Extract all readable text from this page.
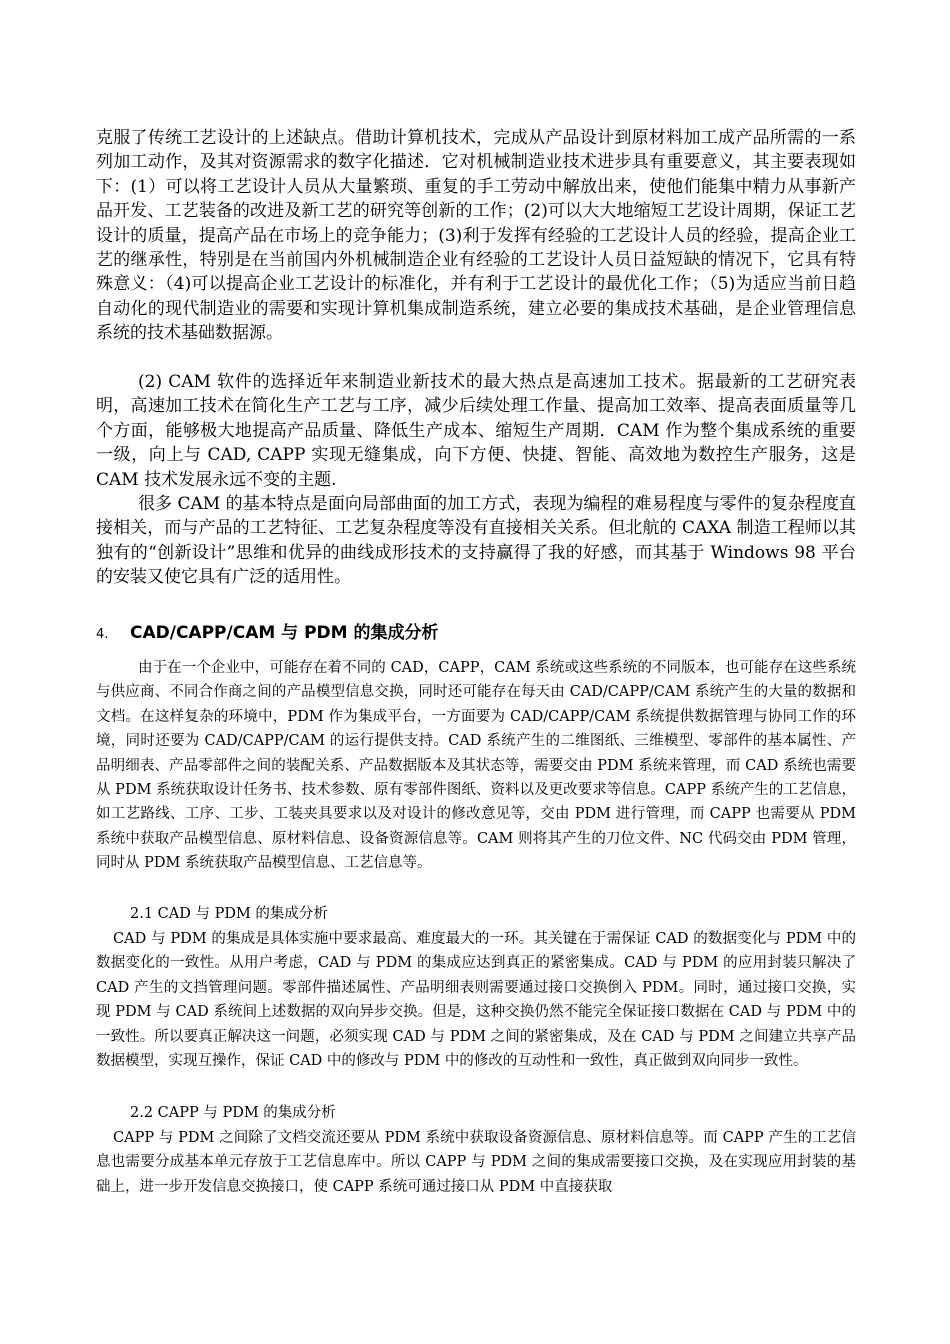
克服了传统工艺设计的上述缺点。借助计算机技术，完成从产品设计到原材料加工成产品所需的一系列加工动作，及其对资源需求的数字化描述．它对机械制造业技术进步具有重要意义，其主要表现如下：(1）可以将工艺设计人员从大量繁琐、重复的手工劳动中解放出来，使他们能集中精力从事新产品开发、工艺装备的改进及新工艺的研究等创新的工作；(2)可以大大地缩短工艺设计周期，保证工艺设计的质量，提高产品在市场上的竞争能力；(3)利于发挥有经验的工艺设计人员的经验，提高企业工艺的继承性，特别是在当前国内外机械制造企业有经验的工艺设计人员日益短缺的情况下，它具有特殊意义：（4)可以提高企业工艺设计的标准化，并有利于工艺设计的最优化工作；（5)为适应当前日趋自动化的现代制造业的需要和实现计算机集成制造系统，建立必要的集成技术基础，是企业管理信息系统的技术基础数据源。

(2) CAM 软件的选择近年来制造业新技术的最大热点是高速加工技术。据最新的工艺研究表明，高速加工技术在简化生产工艺与工序，减少后续处理工作量、提高加工效率、提高表面质量等几个方面，能够极大地提高产品质量、降低生产成本、缩短生产周期．CAM 作为整个集成系统的重要一级，向上与 CAD, CAPP 实现无缝集成，向下方便、快捷、智能、高效地为数控生产服务，这是 CAM 技术发展永远不变的主题.

很多 CAM 的基本特点是面向局部曲面的加工方式，表现为编程的难易程度与零件的复杂程度直接相关，而与产品的工艺特征、工艺复杂程度等没有直接相关关系。但北航的 CAXA 制造工程师以其独有的“创新设计”思维和优异的曲线成形技术的支持赢得了我的好感，而其基于 Windows 98 平台的安装又使它具有广泛的适用性。

4. CAD/CAPP/CAM 与 PDM 的集成分析

由于在一个企业中，可能存在着不同的 CAD，CAPP，CAM 系统或这些系统的不同版本，也可能存在这些系统与供应商、不同合作商之间的产品模型信息交换，同时还可能存在每天由 CAD/CAPP/CAM 系统产生的大量的数据和文档。在这样复杂的环境中，PDM 作为集成平台，一方面要为 CAD/CAPP/CAM 系统提供数据管理与协同工作的环境，同时还要为 CAD/CAPP/CAM 的运行提供支持。CAD 系统产生的二维图纸、三维模型、零部件的基本属性、产品明细表、产品零部件之间的装配关系、产品数据版本及其状态等，需要交由 PDM 系统来管理，而 CAD 系统也需要从 PDM 系统获取设计任务书、技术参数、原有零部件图纸、资料以及更改要求等信息。CAPP 系统产生的工艺信息，如工艺路线、工序、工步、工装夹具要求以及对设计的修改意见等，交由 PDM 进行管理，而 CAPP 也需要从 PDM 系统中获取产品模型信息、原材料信息、设备资源信息等。CAM 则将其产生的刀位文件、NC 代码交由 PDM 管理，同时从 PDM 系统获取产品模型信息、工艺信息等。

2.1 CAD 与 PDM 的集成分析

CAD 与 PDM 的集成是具体实施中要求最高、难度最大的一环。其关键在于需保证 CAD 的数据变化与 PDM 中的数据变化的一致性。从用户考虑，CAD 与 PDM 的集成应达到真正的紧密集成。CAD 与 PDM 的应用封装只解决了 CAD 产生的文挡管理问题。零部件描述属性、产品明细表则需要通过接口交换倒入 PDM。同时，通过接口交换，实现 PDM 与 CAD 系统间上述数据的双向异步交换。但是，这种交换仍然不能完全保证接口数据在 CAD 与 PDM 中的一致性。所以要真正解决这一问题，必须实现 CAD 与 PDM 之间的紧密集成，及在 CAD 与 PDM 之间建立共享产品数据模型，实现互操作，保证 CAD 中的修改与 PDM 中的修改的互动性和一致性，真正做到双向同步一致性。

2.2 CAPP 与 PDM 的集成分析

CAPP 与 PDM 之间除了文档交流还要从 PDM 系统中获取设备资源信息、原材料信息等。而 CAPP 产生的工艺信息也需要分成基本单元存放于工艺信息库中。所以 CAPP 与 PDM 之间的集成需要接口交换，及在实现应用封装的基础上，进一步开发信息交换接口，使 CAPP 系统可通过接口从 PDM 中直接获取
